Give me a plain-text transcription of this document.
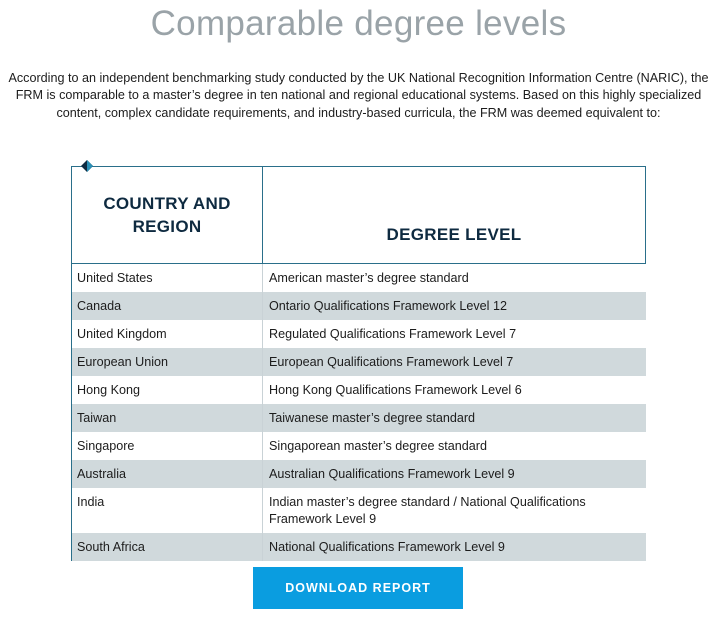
Comparable degree levels

According to an independent benchmarking study conducted by the UK National Recognition Information Centre (NARIC), the FRM is comparable to a master’s degree in ten national and regional educational systems. Based on this highly specialized content, complex candidate requirements, and industry-based curricula, the FRM was deemed equivalent to:

COUNTRY AND REGION	DEGREE LEVEL
United States	American master’s degree standard
Canada	Ontario Qualifications Framework Level 12
United Kingdom	Regulated Qualifications Framework Level 7
European Union	European Qualifications Framework Level 7
Hong Kong	Hong Kong Qualifications Framework Level 6
Taiwan	Taiwanese master’s degree standard
Singapore	Singaporean master’s degree standard
Australia	Australian Qualifications Framework Level 9
India	Indian master’s degree standard / National Qualifications Framework Level 9
South Africa	National Qualifications Framework Level 9
DOWNLOAD REPORT
